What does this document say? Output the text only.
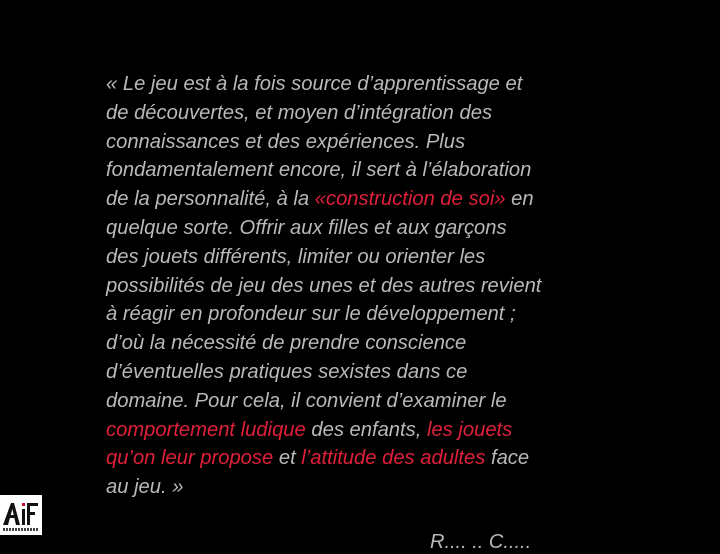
« Le jeu est à la fois source d’apprentissage et
de découvertes, et moyen d’intégration des
connaissances et des expériences. Plus
fondamentalement encore, il sert à l’élaboration
de la personnalité, à la «construction de soi» en
quelque sorte. Offrir aux filles et aux garçons
des jouets différents, limiter ou orienter les
possibilités de jeu des unes et des autres revient
à réagir en profondeur sur le développement ;
d’où la nécessité de prendre conscience
d’éventuelles pratiques sexistes dans ce
domaine. Pour cela, il convient d’examiner le
comportement ludique des enfants, les jouets
qu’on leur propose et l’attitude des adultes face
au jeu. »

R.... .. C.....
